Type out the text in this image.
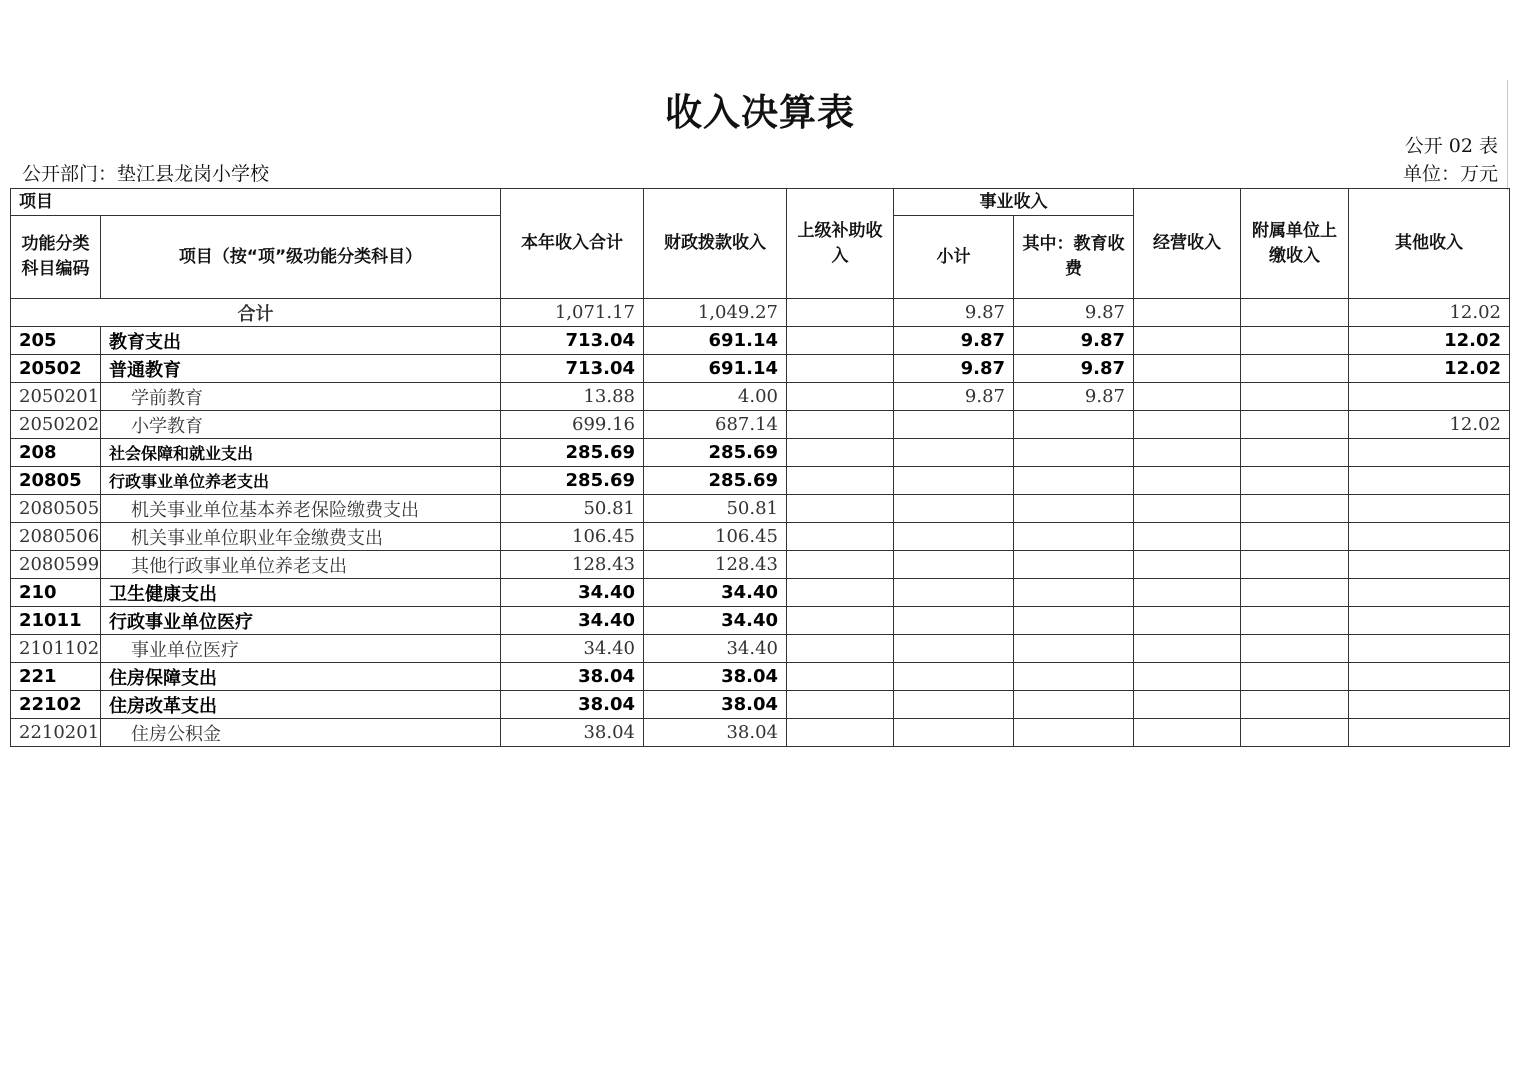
收入决算表
公开 02 表
公开部门：垫江县龙岗小学校	单位：万元
项目		本年收入合计	财政拨款收入	上级补助收入	事业收入		经营收入	附属单位上缴收入	其他收入
功能分类科目编码	项目（按“项”级功能分类科目）				小计	其中：教育收费			
合计		1,071.17	1,049.27		9.87	9.87			12.02
205	教育支出	713.04	691.14		9.87	9.87			12.02
20502	普通教育	713.04	691.14		9.87	9.87			12.02
2050201	学前教育	13.88	4.00		9.87	9.87			
2050202	小学教育	699.16	687.14						12.02
208	社会保障和就业支出	285.69	285.69						
20805	行政事业单位养老支出	285.69	285.69						
2080505	机关事业单位基本养老保险缴费支出	50.81	50.81						
2080506	机关事业单位职业年金缴费支出	106.45	106.45						
2080599	其他行政事业单位养老支出	128.43	128.43						
210	卫生健康支出	34.40	34.40						
21011	行政事业单位医疗	34.40	34.40						
2101102	事业单位医疗	34.40	34.40						
221	住房保障支出	38.04	38.04						
22102	住房改革支出	38.04	38.04						
2210201	住房公积金	38.04	38.04						
